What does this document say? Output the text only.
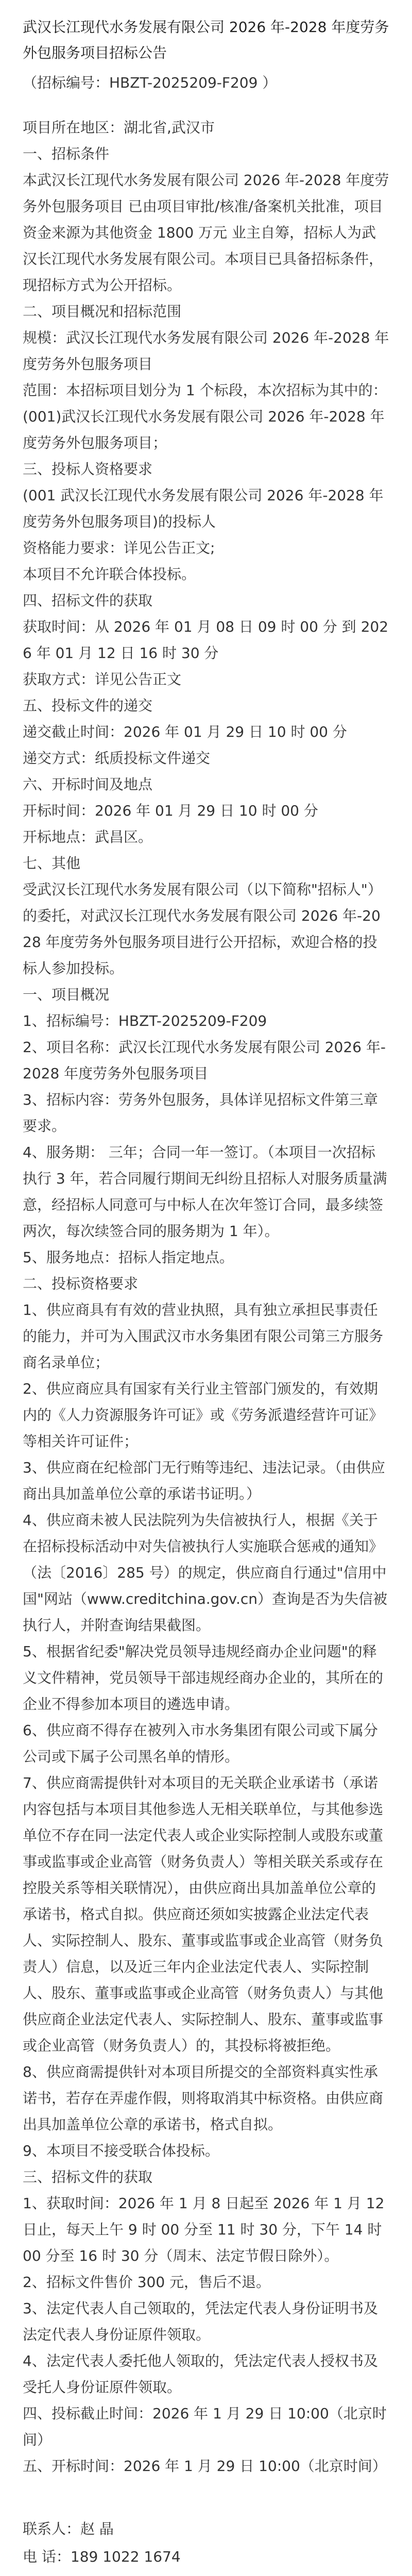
武汉长江现代水务发展有限公司 2026 年-2028 年度劳务外包服务项目招标公告

（招标编号：HBZT-2025209-F209 ）

项目所在地区：湖北省,武汉市

一、招标条件

本武汉长江现代水务发展有限公司 2026 年-2028 年度劳务外包服务项目 已由项目审批/核准/备案机关批准，项目资金来源为其他资金 1800 万元 业主自筹，招标人为武汉长江现代水务发展有限公司。本项目已具备招标条件，现招标方式为公开招标。

二、项目概况和招标范围

规模：武汉长江现代水务发展有限公司 2026 年-2028 年度劳务外包服务项目

范围：本招标项目划分为 1 个标段，本次招标为其中的：

(001)武汉长江现代水务发展有限公司 2026 年-2028 年度劳务外包服务项目；

三、投标人资格要求

(001 武汉长江现代水务发展有限公司 2026 年-2028 年度劳务外包服务项目)的投标人

资格能力要求：详见公告正文;

本项目不允许联合体投标。

四、招标文件的获取

获取时间：从 2026 年 01 月 08 日 09 时 00 分 到 2026 年 01 月 12 日 16 时 30 分

获取方式：详见公告正文

五、投标文件的递交

递交截止时间：2026 年 01 月 29 日 10 时 00 分

递交方式：纸质投标文件递交

六、开标时间及地点

开标时间：2026 年 01 月 29 日 10 时 00 分

开标地点：武昌区。

七、其他

受武汉长江现代水务发展有限公司（以下简称"招标人"）的委托，对武汉长江现代水务发展有限公司 2026 年-2028 年度劳务外包服务项目进行公开招标，欢迎合格的投标人参加投标。

一、项目概况

1、招标编号：HBZT-2025209-F209

2、项目名称：武汉长江现代水务发展有限公司 2026 年-2028 年度劳务外包服务项目

3、招标内容：劳务外包服务，具体详见招标文件第三章要求。

4、服务期： 三年；合同一年一签订。（本项目一次招标执行 3 年，若合同履行期间无纠纷且招标人对服务质量满意，经招标人同意可与中标人在次年签订合同，最多续签两次，每次续签合同的服务期为 1 年）。

5、服务地点：招标人指定地点。

二、投标资格要求

1、供应商具有有效的营业执照，具有独立承担民事责任的能力，并可为入围武汉市水务集团有限公司第三方服务商名录单位；

2、供应商应具有国家有关行业主管部门颁发的，有效期内的《人力资源服务许可证》或《劳务派遣经营许可证》等相关许可证件；

3、供应商在纪检部门无行贿等违纪、违法记录。（由供应商出具加盖单位公章的承诺书证明。）

4、供应商未被人民法院列为失信被执行人，根据《关于在招标投标活动中对失信被执行人实施联合惩戒的通知》（法〔2016〕285 号）的规定，供应商自行通过"信用中国"网站（www.creditchina.gov.cn）查询是否为失信被执行人，并附查询结果截图。

5、根据省纪委"解决党员领导违规经商办企业问题"的释义文件精神，党员领导干部违规经商办企业的，其所在的企业不得参加本项目的遴选申请。

6、供应商不得存在被列入市水务集团有限公司或下属分公司或下属子公司黑名单的情形。

7、供应商需提供针对本项目的无关联企业承诺书（承诺内容包括与本项目其他参选人无相关联单位，与其他参选单位不存在同一法定代表人或企业实际控制人或股东或董事或监事或企业高管（财务负责人）等相关联关系或存在控股关系等相关联情况），由供应商出具加盖单位公章的承诺书，格式自拟。供应商还须如实披露企业法定代表人、实际控制人、股东、董事或监事或企业高管（财务负责人）信息，以及近三年内企业法定代表人、实际控制人、股东、董事或监事或企业高管（财务负责人）与其他供应商企业法定代表人、实际控制人、股东、董事或监事或企业高管（财务负责人）的，其投标将被拒绝。

8、供应商需提供针对本项目所提交的全部资料真实性承诺书，若存在弄虚作假，则将取消其中标资格。由供应商出具加盖单位公章的承诺书，格式自拟。

9、本项目不接受联合体投标。

三、招标文件的获取

1、获取时间：2026 年 1 月 8 日起至 2026 年 1 月 12 日止，每天上午 9 时 00 分至 11 时 30 分，下午 14 时 00 分至 16 时 30 分（周末、法定节假日除外）。

2、招标文件售价 300 元，售后不退。

3、法定代表人自己领取的，凭法定代表人身份证明书及法定代表人身份证原件领取。

4、法定代表人委托他人领取的，凭法定代表人授权书及受托人身份证原件领取。

四、投标截止时间：2026 年 1 月 29 日 10:00（北京时间）

五、开标时间：2026 年 1 月 29 日 10:00（北京时间）

联系人：赵 晶

电 话：189 1022 1674
